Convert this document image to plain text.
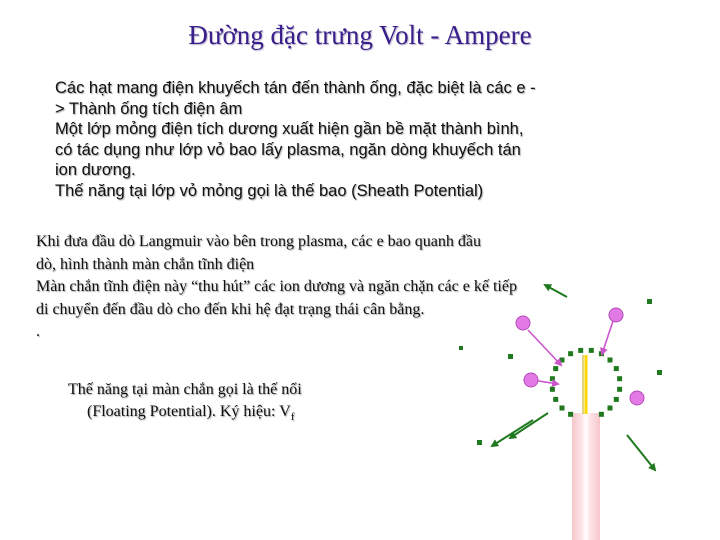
Đường đặc trưng Volt - Ampere

Các hạt mang điện khuyếch tán đến thành ống, đặc biệt là các e -

> Thành ống tích điện âm

Một lớp mỏng điện tích dương xuất hiện gần bề mặt thành bình,

có tác dụng như lớp vỏ bao lấy plasma, ngăn dòng khuyếch tán

ion dương.

Thế năng tại lớp vỏ mỏng gọi là thế bao (Sheath Potential)

Khi đưa đầu dò Langmuir vào bên trong plasma, các e bao quanh đầu

dò, hình thành màn chắn tĩnh điện

Màn chắn tĩnh điện này “thu hút” các ion dương và ngăn chặn các e kế tiếp

di chuyển đến đầu dò cho đến khi hệ đạt trạng thái cân bằng.

.

Thế năng tại màn chắn gọi là thế nổi

(Floating Potential). Ký hiệu: $V_f$
